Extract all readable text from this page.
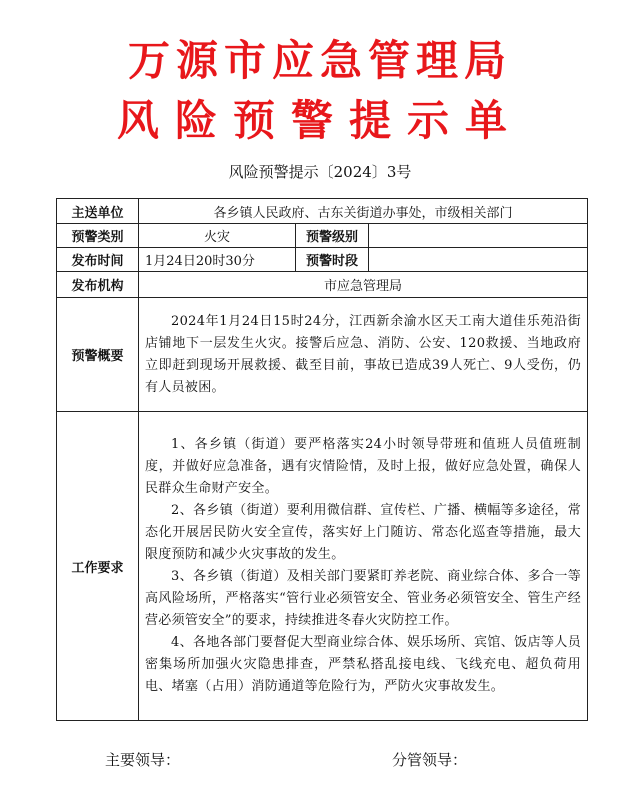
万源市应急管理局
风险预警提示单
风险预警提示〔2024〕3号
主送单位	各乡镇人民政府、古东关街道办事处，市级相关部门		
预警类别	火灾	预警级别	
发布时间	1月24日20时30分	预警时段	
发布机构	市应急管理局		
预警概要	2024年1月24日15时24分，江西新余渝水区天工南大道佳乐苑沿街店铺地下一层发生火灾。接警后应急、消防、公安、120救援、当地政府立即赶到现场开展救援、截至目前，事故已造成39人死亡、9人受伤，仍有人员被困。		

工作要求	1、各乡镇（街道）要严格落实24小时领导带班和值班人员值班制度，并做好应急准备，遇有灾情险情，及时上报，做好应急处置，确保人民群众生命财产安全。

2、各乡镇（街道）要利用微信群、宣传栏、广播、横幅等多途径，常态化开展居民防火安全宣传，落实好上门随访、常态化巡查等措施，最大限度预防和减少火灾事故的发生。

3、各乡镇（街道）及相关部门要紧盯养老院、商业综合体、多合一等高风险场所，严格落实“管行业必须管安全、管业务必须管安全、管生产经营必须管安全”的要求，持续推进冬春火灾防控工作。

4、各地各部门要督促大型商业综合体、娱乐场所、宾馆、饭店等人员密集场所加强火灾隐患排查，严禁私搭乱接电线、飞线充电、超负荷用电、堵塞（占用）消防通道等危险行为，严防火灾事故发生。		

主要领导：	分管领导：
